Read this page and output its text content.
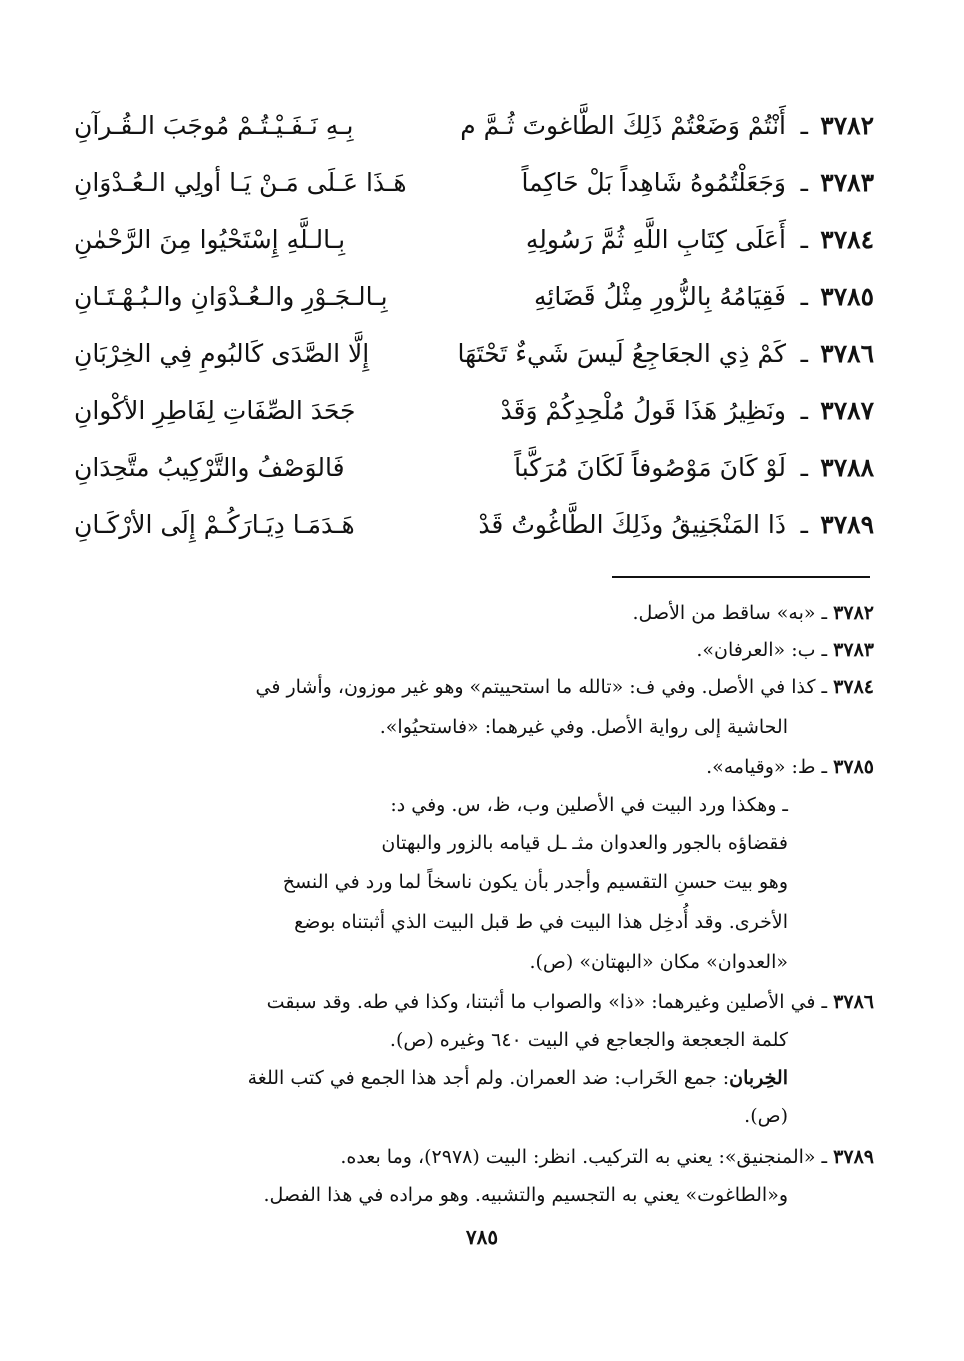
٣٧٨٢
ـ
أَنْتُمْ وَضَعْتُمْ ذَلِكَ الطَّاغوتَ ثُـمَّ م
بِـهِ نَـفَـيْـتُـمْ مُوجَبَ الـقُـرآنِ
٣٧٨٣
ـ
وَجَعَلْتُمُوهُ شَاهِداً بَلْ حَاكِماً
هَـذَا عَـلَى مَـنْ يَـا أولِي الـعُـدْوَانِ
٣٧٨٤
ـ
أَعَلَى كِتَابِ اللَّهِ ثُمَّ رَسُولِهِ
بِـالـلَّهِ إِسْتَحْيُوا مِنَ الرَّحْمٰنِ
٣٧٨٥
ـ
فَقِيَامُهُ بِالزُّورِ مِثْلُ قَضَائِهِ
بِـالـجَـوْرِ والـعُـدْوَانِ والـبُـهْـتَـانِ
٣٧٨٦
ـ
كَمْ ذِي الجعَاجِعُ لَيسَ شَيءٌ تَحْتَهَا
إِلَّا الصَّدَى كَالبُومِ فِي الخِرْبَانِ
٣٧٨٧
ـ
ونَظِيرُ هَذَا قَولُ مُلْحِدِكُمْ وَقَدْ
جَحَدَ الصِّفَاتِ لِفَاطِرِ الأكْوانِ
٣٧٨٨
ـ
لَوْ كَانَ مَوْصُوفاً لَكَانَ مُرَكَّباً
فَالوَصْفُ والتَّرْكِيبُ متَّحِدَانِ
٣٧٨٩
ـ
ذَا المَنْجَنِيقُ وذَلِكَ الطَّاغُوتُ قَدْ
هَـدَمَـا دِيَـارَكُـمْ إِلَى الأرْكَـانِ
٣٧٨٢ ـ «به» ساقط من الأصل.
٣٧٨٣ ـ ب: «العرفان».
٣٧٨٤ ـ كذا في الأصل. وفي ف: «تالله ما استحييتم» وهو غير موزون، وأشار في
الحاشية إلى رواية الأصل. وفي غيرهما: «فاستحيُوا».
٣٧٨٥ ـ ط: «وقيامه».
ـ وهكذا ورد البيت في الأصلين وب، ظ، س. وفي د:
فقضاؤه بالجور والعدوان مثـ ـل قيامه بالزور والبهتان
وهو بيت حسنِ التقسيم وأجدر بأن يكون ناسخاً لما ورد في النسخ
الأخرى. وقد أُدخِل هذا البيت في ط قبل البيت الذي أثبتناه بوضع
«العدوان» مكان «البهتان» (ص).
٣٧٨٦ ـ في الأصلين وغيرهما: «ذا» والصواب ما أثبتنا، وكذا في طه. وقد سبقت
كلمة الجعجعة والجعاجع في البيت ٦٤٠ وغيره (ص).
الخِربان: جمع الخَراب: ضد العمران. ولم أجد هذا الجمع في كتب اللغة
(ص).
٣٧٨٩ ـ «المنجنيق»: يعني به التركيب. انظر: البيت (٢٩٧٨)، وما بعده.
و«الطاغوت» يعني به التجسيم والتشبيه. وهو مراده في هذا الفصل.
٧٨٥
